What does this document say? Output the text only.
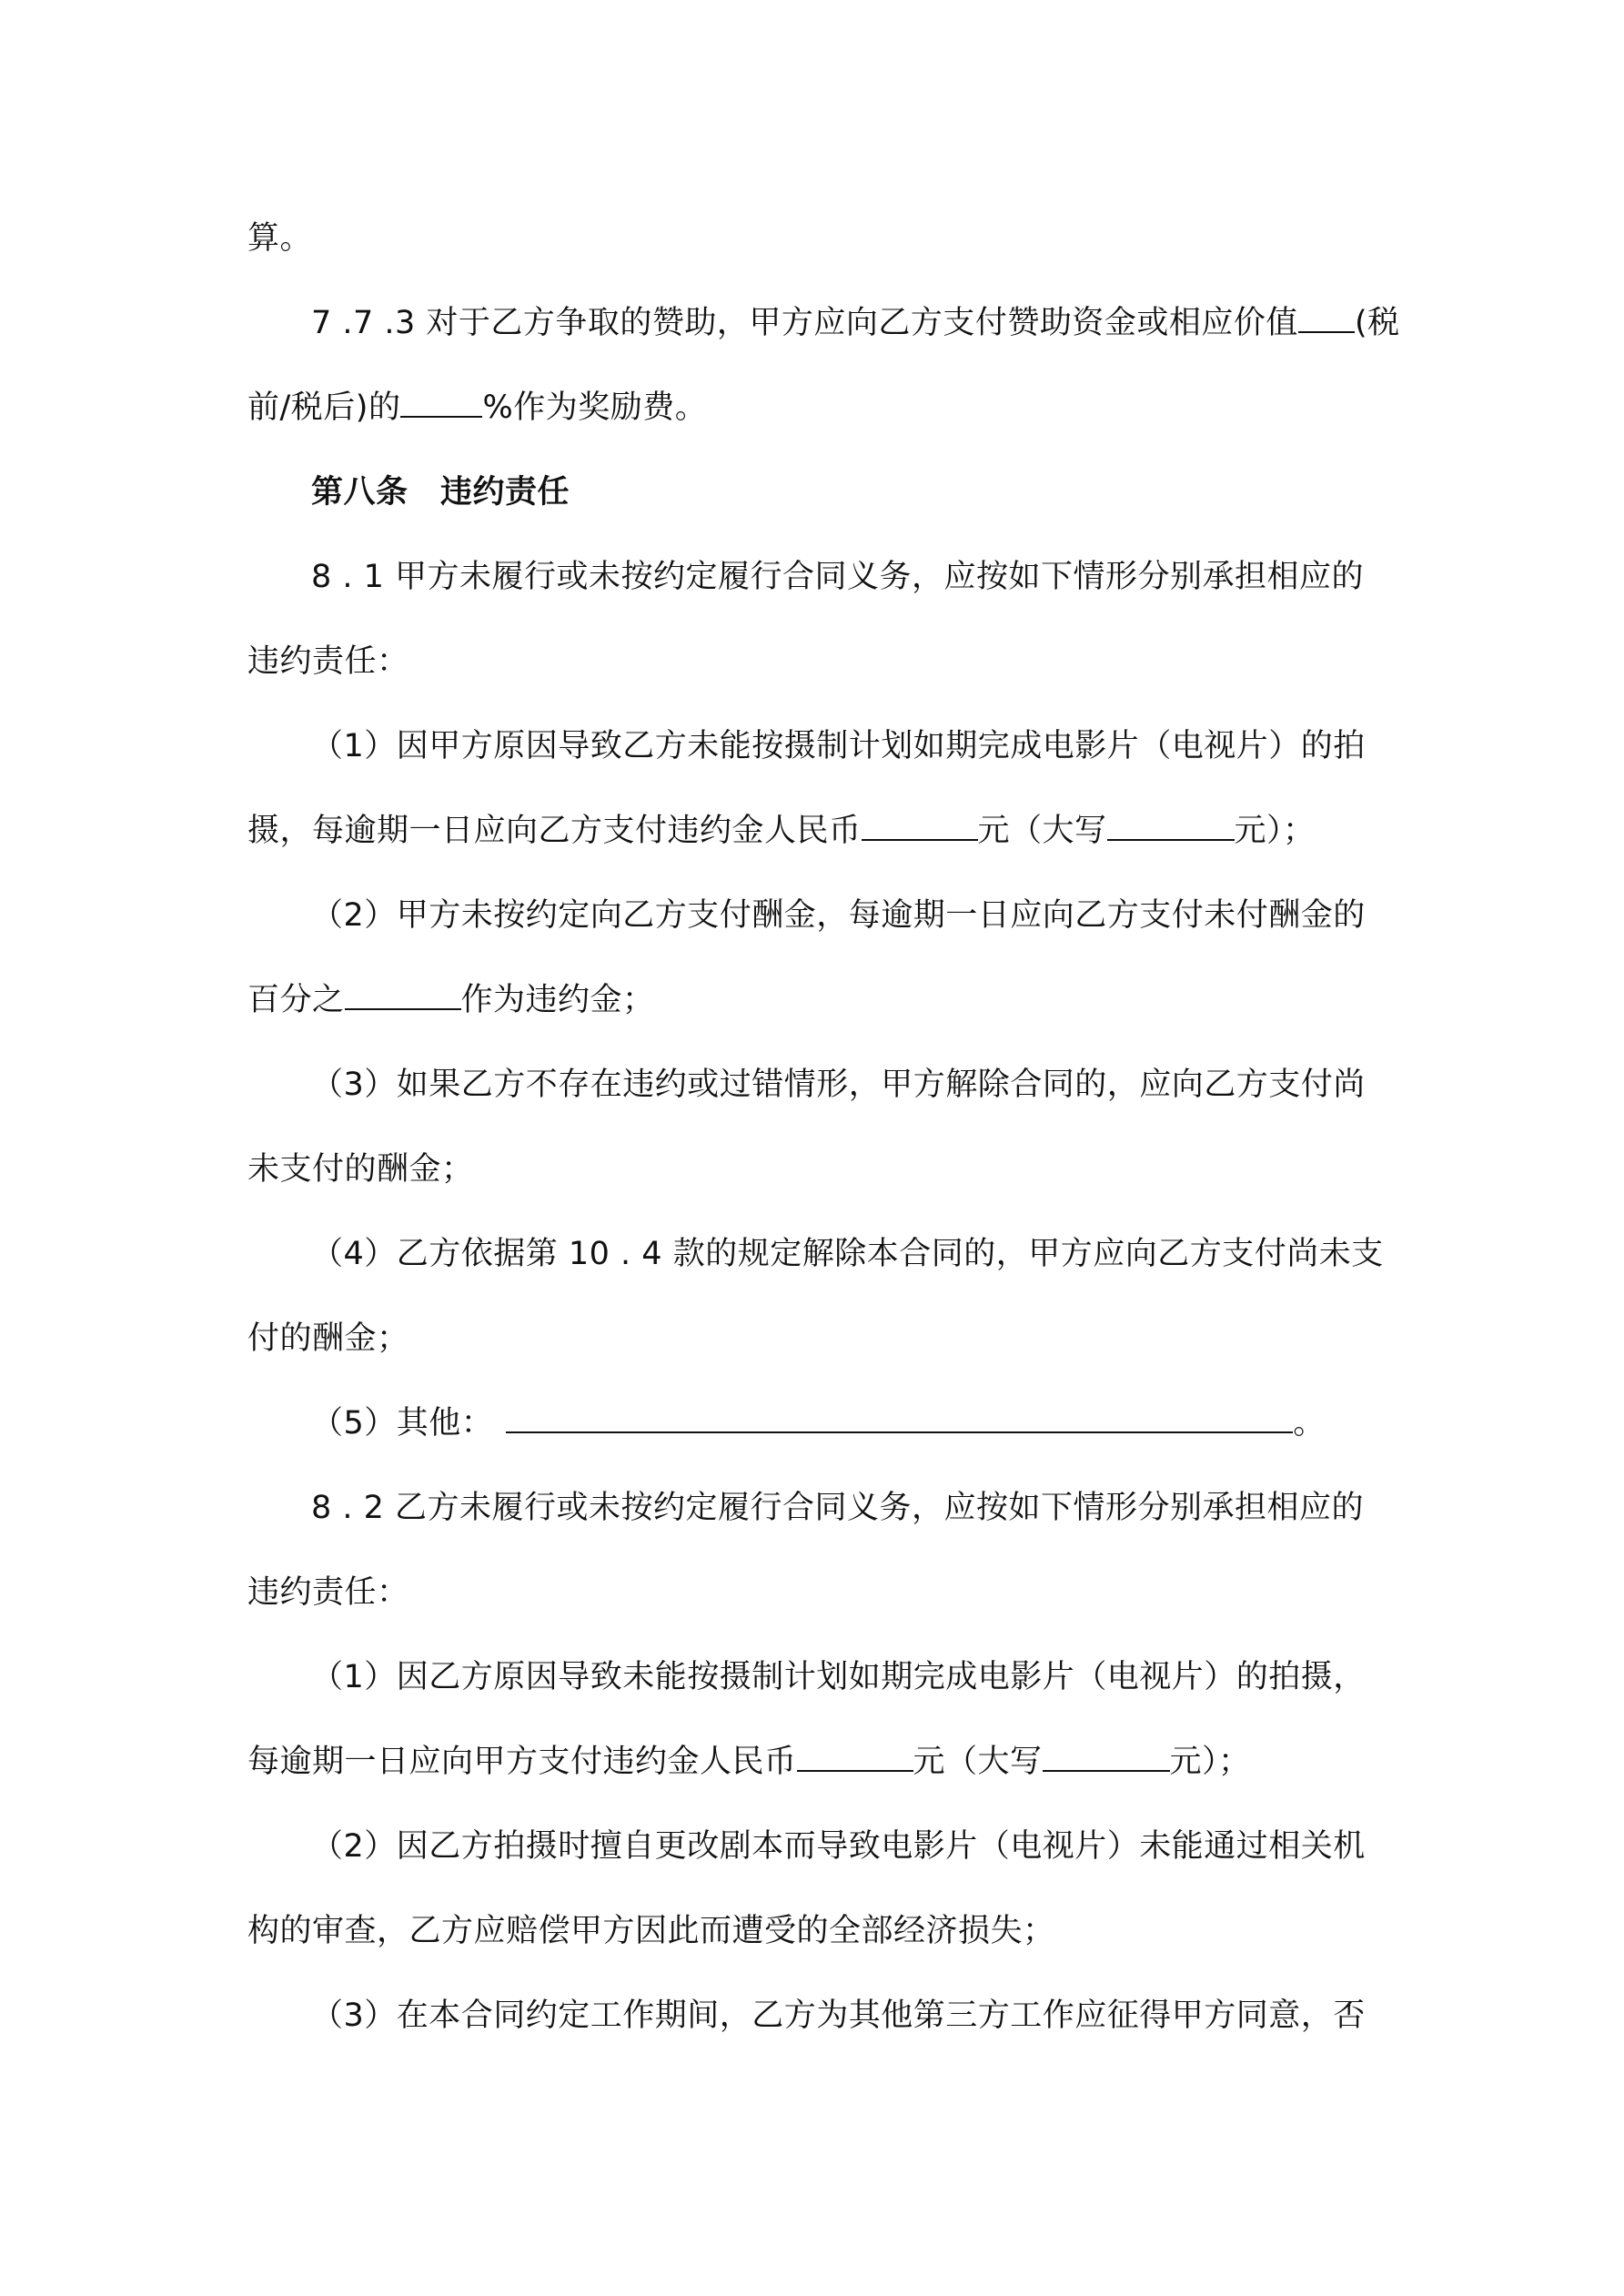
算。
7 .7 .3 对于乙方争取的赞助，甲方应向乙方支付赞助资金或相应价值 (税
前/税后)的	%作为奖励费。
第八条　违约责任
8 . 1 甲方未履行或未按约定履行合同义务，应按如下情形分别承担相应的
违约责任：
（1）因甲方原因导致乙方未能按摄制计划如期完成电影片（电视片）的拍
摄，每逾期一日应向乙方支付违约金人民币	元（大写	元）；
（2）甲方未按约定向乙方支付酬金，每逾期一日应向乙方支付未付酬金的
百分之	作为违约金；
（3）如果乙方不存在违约或过错情形，甲方解除合同的，应向乙方支付尚
未支付的酬金；
（4）乙方依据第 10 . 4 款的规定解除本合同的，甲方应向乙方支付尚未支
付的酬金；
（5）其他：	。
8 . 2 乙方未履行或未按约定履行合同义务，应按如下情形分别承担相应的
违约责任：
（1）因乙方原因导致未能按摄制计划如期完成电影片（电视片）的拍摄，
每逾期一日应向甲方支付违约金人民币	元（大写	元）；
（2）因乙方拍摄时擅自更改剧本而导致电影片（电视片）未能通过相关机
构的审查，乙方应赔偿甲方因此而遭受的全部经济损失；
（3）在本合同约定工作期间，乙方为其他第三方工作应征得甲方同意，否
